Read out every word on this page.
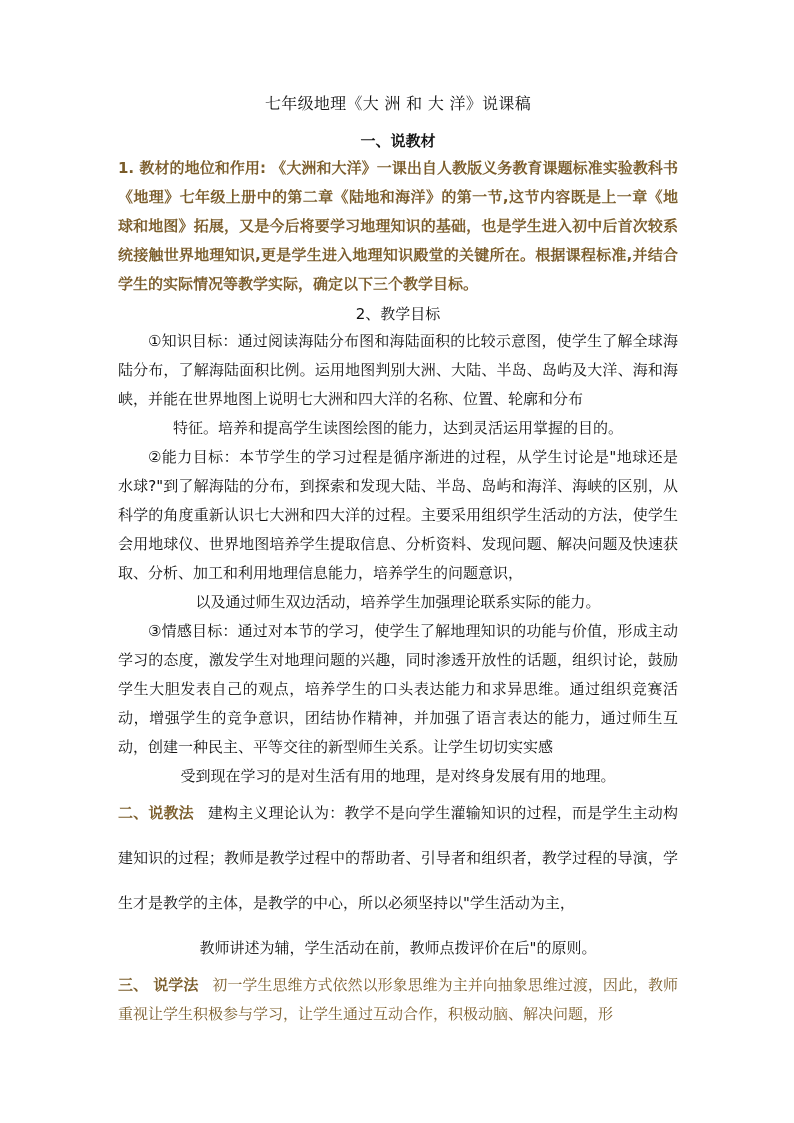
七年级地理《大 洲 和 大 洋》说课稿
一、说教材

1. 教材的地位和作用: 《大洲和大洋》一课出自人教版义务教育课题标准实验教科书《地理》七年级上册中的第二章《陆地和海洋》的第一节,这节内容既是上一章《地球和地图》拓展，又是今后将要学习地理知识的基础，也是学生进入初中后首次较系统接触世界地理知识,更是学生进入地理知识殿堂的关键所在。根据课程标准,并结合学生的实际情况等教学实际，确定以下三个教学目标。

2、教学目标

①知识目标：通过阅读海陆分布图和海陆面积的比较示意图，使学生了解全球海陆分布，了解海陆面积比例。运用地图判别大洲、大陆、半岛、岛屿及大洋、海和海峡，并能在世界地图上说明七大洲和四大洋的名称、位置、轮廓和分布

特征。培养和提高学生读图绘图的能力，达到灵活运用掌握的目的。

②能力目标：本节学生的学习过程是循序渐进的过程，从学生讨论是"地球还是水球?"到了解海陆的分布，到探索和发现大陆、半岛、岛屿和海洋、海峡的区别，从科学的角度重新认识七大洲和四大洋的过程。主要采用组织学生活动的方法，使学生会用地球仪、世界地图培养学生提取信息、分析资料、发现问题、解决问题及快速获取、分析、加工和利用地理信息能力，培养学生的问题意识，

以及通过师生双边活动，培养学生加强理论联系实际的能力。

③情感目标：通过对本节的学习，使学生了解地理知识的功能与价值，形成主动学习的态度，激发学生对地理问题的兴趣，同时渗透开放性的话题，组织讨论，鼓励学生大胆发表自己的观点，培养学生的口头表达能力和求异思维。通过组织竞赛活动，增强学生的竞争意识，团结协作精神，并加强了语言表达的能力，通过师生互动，创建一种民主、平等交往的新型师生关系。让学生切切实实感

受到现在学习的是对生活有用的地理，是对终身发展有用的地理。

二、说教法 建构主义理论认为：教学不是向学生灌输知识的过程，而是学生主动构建知识的过程；教师是教学过程中的帮助者、引导者和组织者，教学过程的导演，学生才是教学的主体，是教学的中心，所以必须坚持以"学生活动为主，

教师讲述为辅，学生活动在前，教师点拨评价在后"的原则。

三、 说学法 初一学生思维方式依然以形象思维为主并向抽象思维过渡，因此，教师重视让学生积极参与学习，让学生通过互动合作，积极动脑、解决问题，形
